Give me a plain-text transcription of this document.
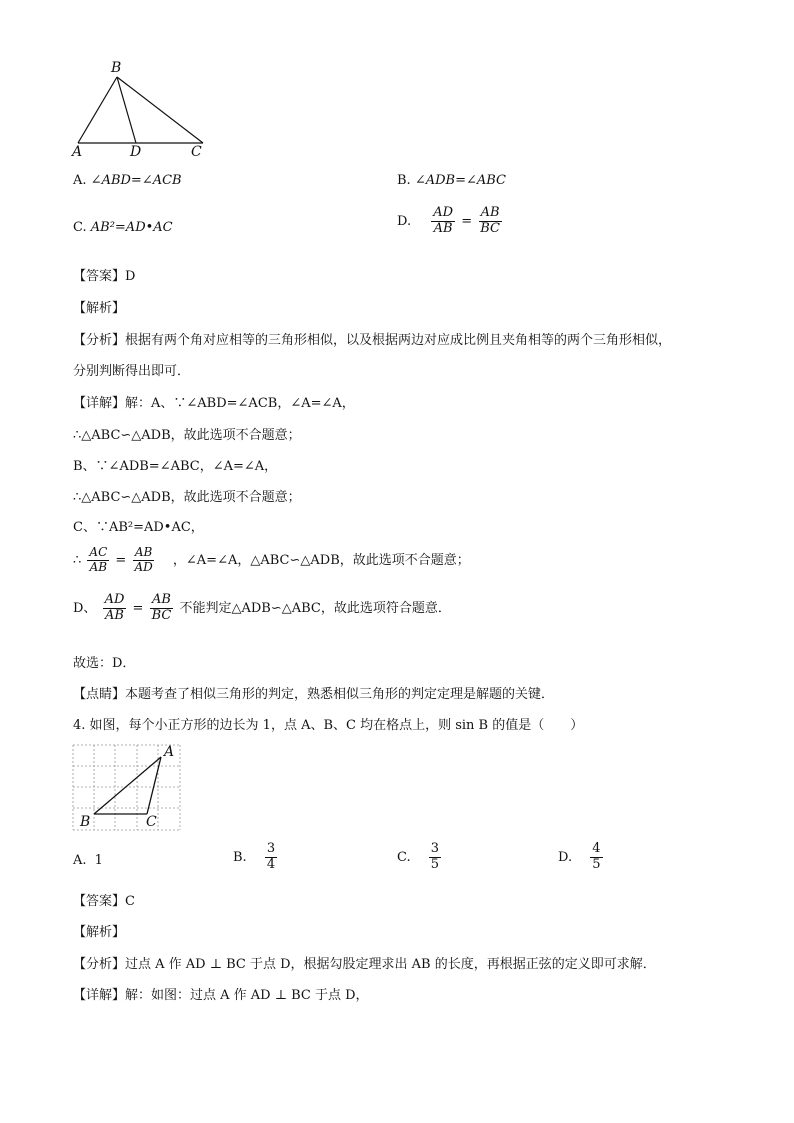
B
A	D	C
A. ∠ABD=∠ACB	B. ∠ADB=∠ABC
C. AB²=AD•AC	D. $\frac{AD}{AB} = \frac{AB}{BC}$
【答案】D
【解析】
【分析】根据有两个角对应相等的三角形相似，以及根据两边对应成比例且夹角相等的两个三角形相似，
分别判断得出即可．
【详解】解：A、∵∠ABD=∠ACB，∠A=∠A，
∴△ABC∽△ADB，故此选项不合题意；
B、∵∠ADB=∠ABC，∠A=∠A，
∴△ABC∽△ADB，故此选项不合题意；
C、∵AB²=AD•AC，
∴ $\frac{AC}{AB} = \frac{AB}{AD}$ ，∠A=∠A，△ABC∽△ADB，故此选项不合题意；
D、 $\frac{AD}{AB} = \frac{AB}{BC}$ 不能判定△ADB∽△ABC，故此选项符合题意．
故选：D．
【点睛】本题考查了相似三角形的判定，熟悉相似三角形的判定定理是解题的关键．
4. 如图，每个小正方形的边长为 1，点 A、B、C 均在格点上，则 sin B 的值是（　　）
A
B	C
A. 1	B. $\frac{3}{4}$	C. $\frac{3}{5}$	D. $\frac{4}{5}$
【答案】C
【解析】
【分析】过点 A 作 AD ⊥ BC 于点 D，根据勾股定理求出 AB 的长度，再根据正弦的定义即可求解．
【详解】解：如图：过点 A 作 AD ⊥ BC 于点 D，
